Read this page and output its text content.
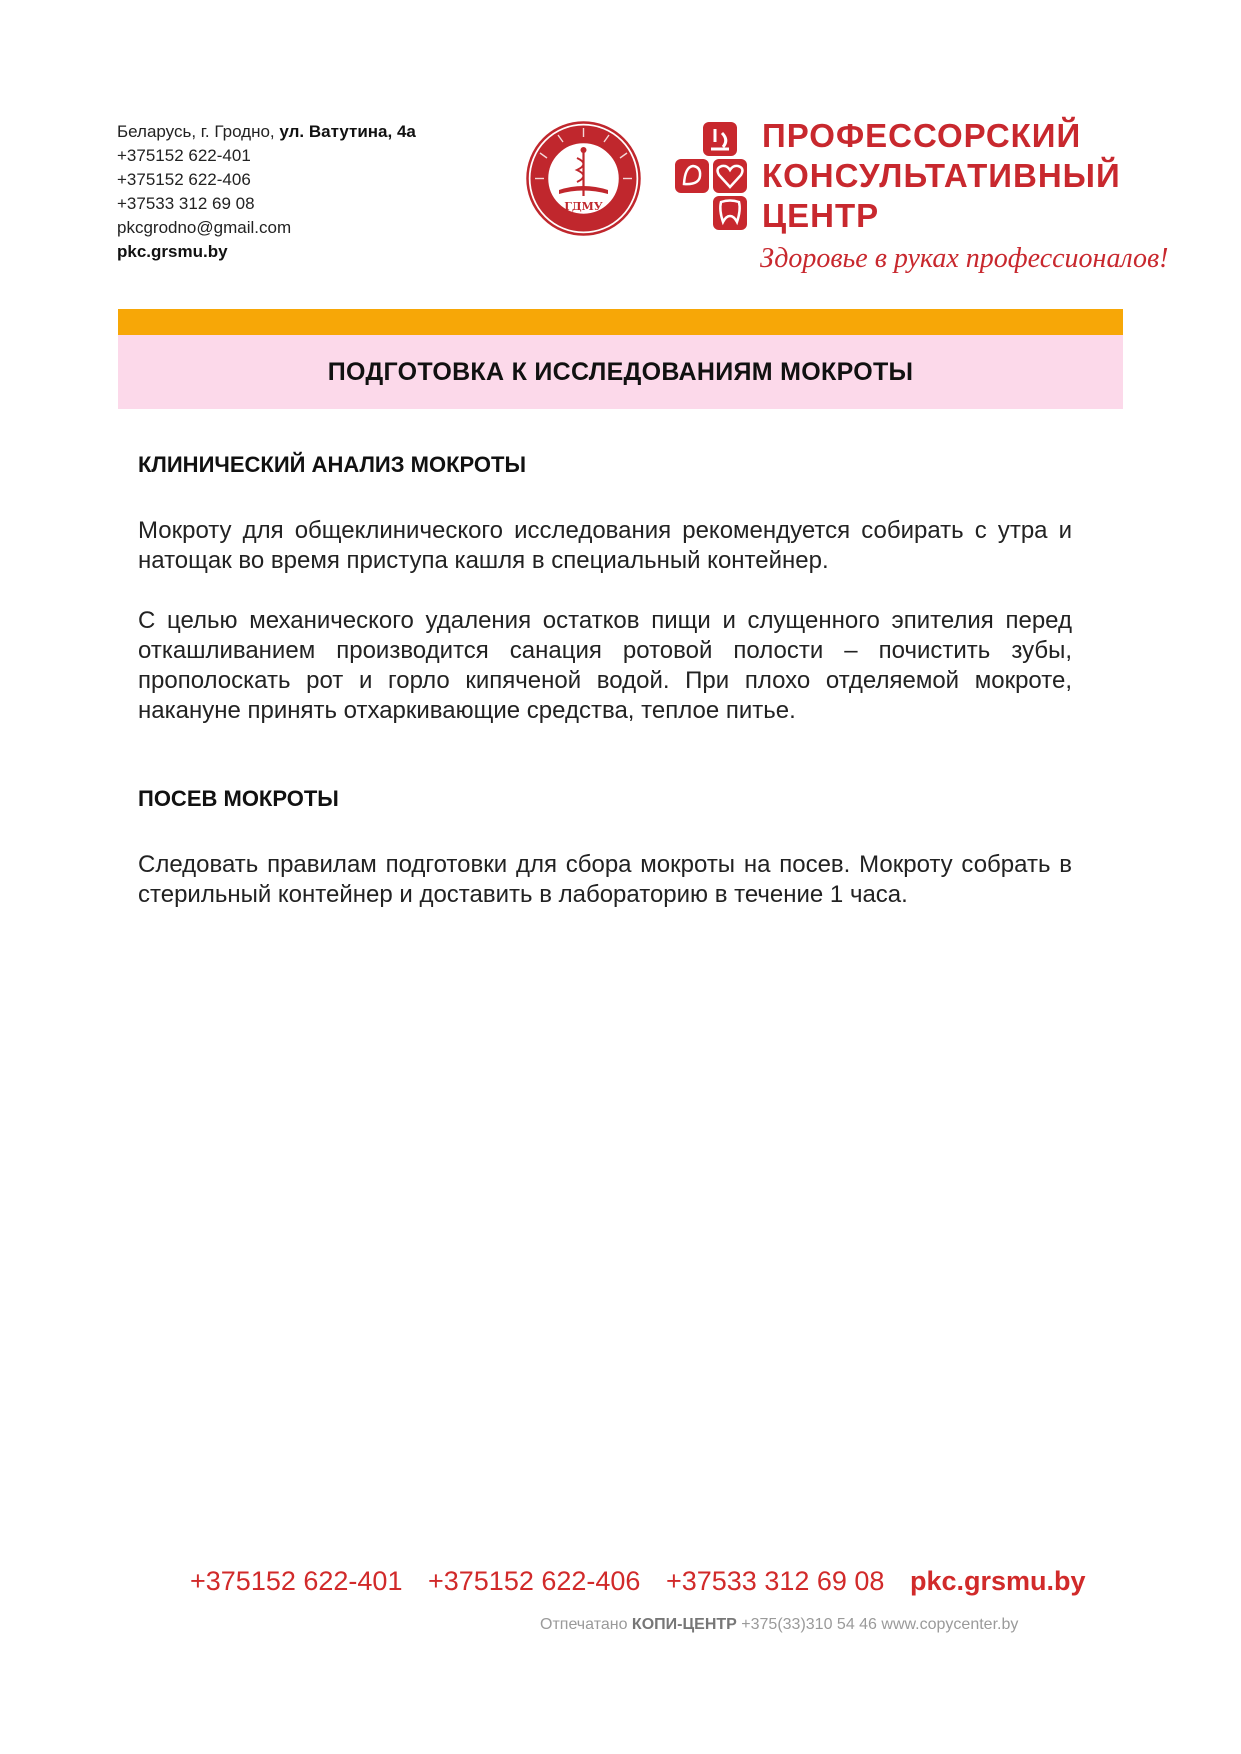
Беларусь, г. Гродно, ул. Ватутина, 4а
+375152 622-401
+375152 622-406
+37533 312 69 08
pkcgrodno@gmail.com
pkc.grsmu.by
ГДМУ
ПРОФЕССОРСКИЙ
КОНСУЛЬТАТИВНЫЙ
ЦЕНТР
Здоровье в руках профессионалов!
ПОДГОТОВКА К ИССЛЕДОВАНИЯМ МОКРОТЫ
КЛИНИЧЕСКИЙ АНАЛИЗ МОКРОТЫ

Мокроту для общеклинического исследования рекомендуется собирать с утра и натощак во время приступа кашля в специальный контейнер.

С целью механического удаления остатков пищи и слущенного эпителия перед откашливанием производится санация ротовой полости – почистить зубы, прополоскать рот и горло кипяченой водой. При плохо отделяемой мокроте, накануне принять отхаркивающие средства, теплое питье.

ПОСЕВ МОКРОТЫ

Следовать правилам подготовки для сбора мокроты на посев. Мокроту собрать в стерильный контейнер и доставить в лабораторию в течение 1 часа.

+375152 622-401 +375152 622-406 +37533 312 69 08 pkc.grsmu.by
Отпечатано КОПИ-ЦЕНТР +375(33)310 54 46 www.copycenter.by
